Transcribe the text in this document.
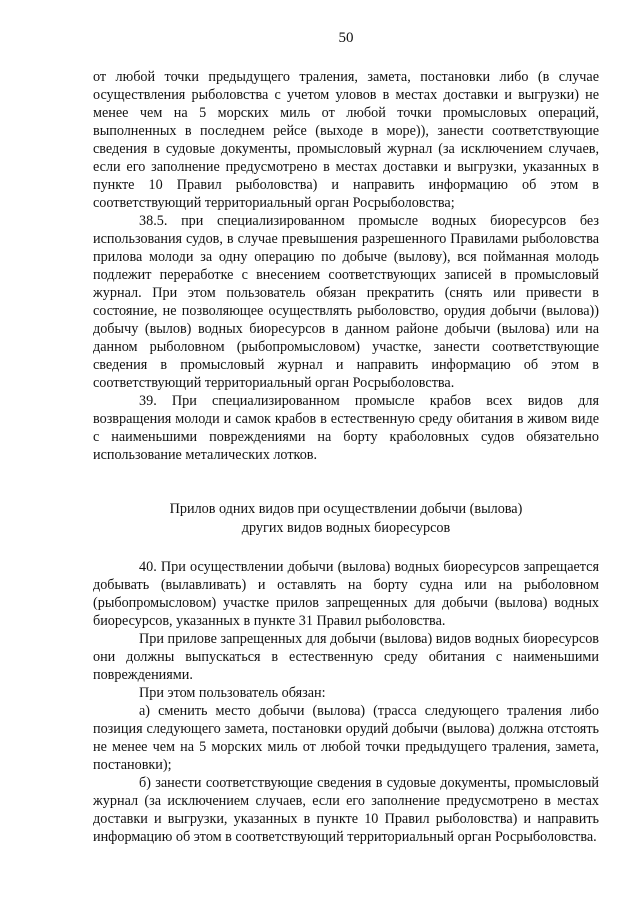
50

от любой точки предыдущего траления, замета, постановки либо (в случае осуществления рыболовства с учетом уловов в местах доставки и выгрузки) не менее чем на 5 морских миль от любой точки промысловых операций, выполненных в последнем рейсе (выходе в море)), занести соответствующие сведения в судовые документы, промысловый журнал (за исключением случаев, если его заполнение предусмотрено в местах доставки и выгрузки, указанных в пункте 10 Правил рыболовства) и направить информацию об этом в соответствующий территориальный орган Росрыболовства;

38.5. при специализированном промысле водных биоресурсов без использования судов, в случае превышения разрешенного Правилами рыболовства прилова молоди за одну операцию по добыче (вылову), вся пойманная молодь подлежит переработке с внесением соответствующих записей в промысловый журнал. При этом пользователь обязан прекратить (снять или привести в состояние, не позволяющее осуществлять рыболовство, орудия добычи (вылова)) добычу (вылов) водных биоресурсов в данном районе добычи (вылова) или на данном рыболовном (рыбопромысловом) участке, занести соответствующие сведения в промысловый журнал и направить информацию об этом в соответствующий территориальный орган Росрыболовства.

39. При специализированном промысле крабов всех видов для возвращения молоди и самок крабов в естественную среду обитания в живом виде с наименьшими повреждениями на борту краболовных судов обязательно использование металических лотков.

Прилов одних видов при осуществлении добычи (вылова)
других видов водных биоресурсов

40. При осуществлении добычи (вылова) водных биоресурсов запрещается добывать (вылавливать) и оставлять на борту судна или на рыболовном (рыбопромысловом) участке прилов запрещенных для добычи (вылова) водных биоресурсов, указанных в пункте 31 Правил рыболовства.

При прилове запрещенных для добычи (вылова) видов водных биоресурсов они должны выпускаться в естественную среду обитания с наименьшими повреждениями.

При этом пользователь обязан:

а) сменить место добычи (вылова) (трасса следующего траления либо позиция следующего замета, постановки орудий добычи (вылова) должна отстоять не менее чем на 5 морских миль от любой точки предыдущего траления, замета, постановки);

б) занести соответствующие сведения в судовые документы, промысловый журнал (за исключением случаев, если его заполнение предусмотрено в местах доставки и выгрузки, указанных в пункте 10 Правил рыболовства) и направить информацию об этом в соответствующий территориальный орган Росрыболовства.
